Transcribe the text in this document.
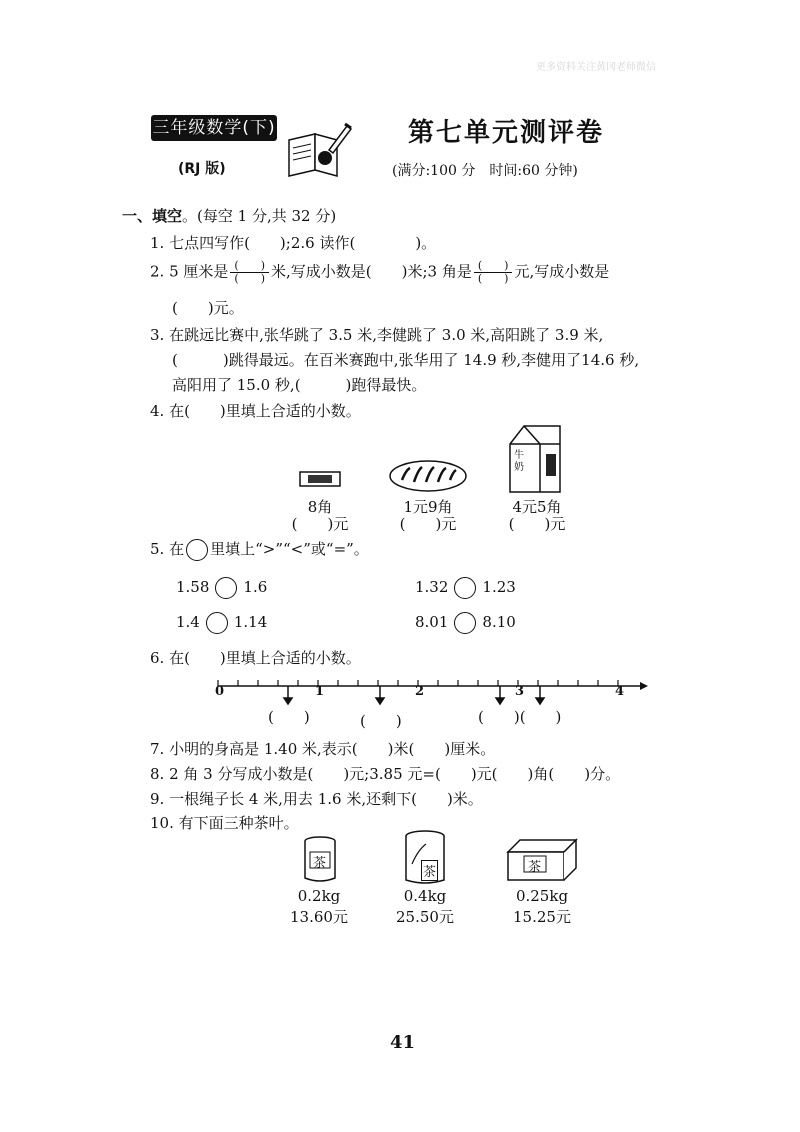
更多资料关注黄冈老师微信
三年级数学(下)
(RJ 版)
第七单元测评卷
(满分:100 分　时间:60 分钟)
一、填空。(每空 1 分,共 32 分)
1. 七点四写作(　　);2.6 读作(　　　　)。
2. 5 厘米是 $\frac{( )}{( )}$ 米,写成小数是(　　)米;3 角是 $\frac{( )}{( )}$ 元,写成小数是
(　　)元。
3. 在跳远比赛中,张华跳了 3.5 米,李健跳了 3.0 米,高阳跳了 3.9 米,
(　　　)跳得最远。在百米赛跑中,张华用了 14.9 秒,李健用了14.6 秒,
高阳用了 15.0 秒,(　　　)跑得最快。
4. 在(　　)里填上合适的小数。
牛奶
8角
(　　)元
1元9角
(　　)元
4元5角
(　　)元
5. 在 里填上“>”“<”或“=”。
1.58 1.6	1.32 1.23
1.4 1.14	8.01 8.10
6. 在(　　)里填上合适的小数。
0	1	2	3	4
(　　)	(　　)	(　　)(　　)
7. 小明的身高是 1.40 米,表示(　　)米(　　)厘米。
8. 2 角 3 分写成小数是(　　)元;3.85 元=(　　)元(　　)角(　　)分。
9. 一根绳子长 4 米,用去 1.6 米,还剩下(　　)米。
10. 有下面三种茶叶。
茶
茶	茶
0.2kg
13.60元
0.4kg
25.50元
0.25kg
15.25元
41
